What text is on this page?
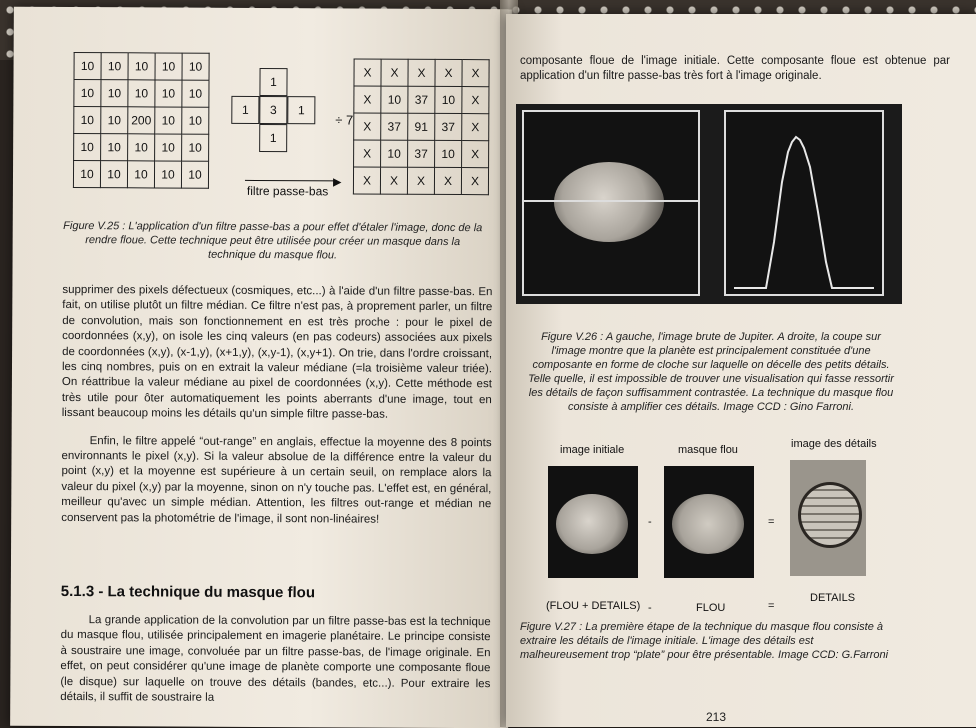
10	10	10	10	10
10	10	10	10	10
10	10	200	10	10
10	10	10	10	10
10	10	10	10	10
1
1	3	1
1
÷ 7
▶
filtre passe-bas
X	X	X	X	X
X	10	37	10	X
X	37	91	37	X
X	10	37	10	X
X	X	X	X	X
Figure V.25 : L'application d'un filtre passe-bas a pour effet d'étaler l'image, donc de la rendre floue. Cette technique peut être utilisée pour créer un masque dans la technique du masque flou.

supprimer des pixels défectueux (cosmiques, etc...) à l'aide d'un filtre passe-bas. En fait, on utilise plutôt un filtre médian. Ce filtre n'est pas, à proprement parler, un filtre de convolution, mais son fonctionnement en est très proche : pour le pixel de coordonnées (x,y), on isole les cinq valeurs (en pas codeurs) associées aux pixels de coordonnées (x,y), (x-1,y), (x+1,y), (x,y-1), (x,y+1). On trie, dans l'ordre croissant, les cinq nombres, puis on en extrait la valeur médiane (=la troisième valeur triée). On réattribue la valeur médiane au pixel de coordonnées (x,y). Cette méthode est très utile pour ôter automatiquement les points aberrants d'une image, tout en lissant beaucoup moins les détails qu'un simple filtre passe-bas.

Enfin, le filtre appelé “out-range” en anglais, effectue la moyenne des 8 points environnants le pixel (x,y). Si la valeur absolue de la différence entre la valeur du point (x,y) et la moyenne est supérieure à un certain seuil, on remplace alors la valeur du pixel (x,y) par la moyenne, sinon on n'y touche pas. L'effet est, en général, meilleur qu'avec un simple médian. Attention, les filtres out-range et médian ne conservent pas la photométrie de l'image, il sont non-linéaires!

5.1.3 - La technique du masque flou

La grande application de la convolution par un filtre passe-bas est la technique du masque flou, utilisée principalement en imagerie planétaire. Le principe consiste à soustraire une image, convoluée par un filtre passe-bas, de l'image originale. En effet, on peut considérer qu'une image de planète comporte une composante floue (le disque) sur laquelle on trouve des détails (bandes, etc...). Pour extraire les détails, il suffit de soustraire la

composante floue de l'image initiale. Cette composante floue est obtenue par application d'un filtre passe-bas très fort à l'image originale.
Figure V.26 : A gauche, l'image brute de Jupiter. A droite, la coupe sur l'image montre que la planète est principalement constituée d'une composante en forme de cloche sur laquelle on décelle des petits détails. Telle quelle, il est impossible de trouver une visualisation qui fasse ressortir les détails de façon suffisamment contrastée. La technique du masque flou consiste à amplifier ces détails. Image CCD : Gino Farroni.
image initiale	masque flou	image des détails
-	=
(FLOU + DETAILS) -	FLOU	=
DETAILS
Figure V.27 : La première étape de la technique du masque flou consiste à extraire les détails de l'image initiale. L'image des détails est malheureusement trop “plate” pour être présentable. Image CCD: G.Farroni
213
